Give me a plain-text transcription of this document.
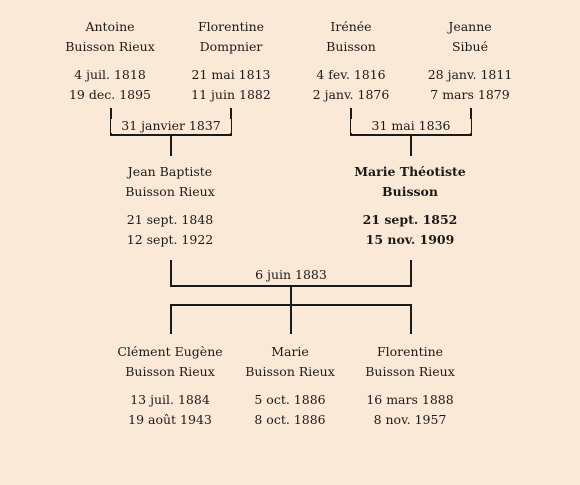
31 janvier 1837	31 mai 1836
6 juin 1883
Antoine
Buisson Rieux
4 juil. 1818
19 dec. 1895
Florentine
Dompnier
21 mai 1813
11 juin 1882
Irénée
Buisson
4 fev. 1816
2 janv. 1876
Jeanne
Sibué
28 janv. 1811
7 mars 1879
Jean Baptiste
Buisson Rieux
21 sept. 1848
12 sept. 1922
Marie Théotiste
Buisson
21 sept. 1852
15 nov. 1909
Clément Eugène
Buisson Rieux
13 juil. 1884
19 août 1943
Marie
Buisson Rieux
5 oct. 1886
8 oct. 1886
Florentine
Buisson Rieux
16 mars 1888
8 nov. 1957
